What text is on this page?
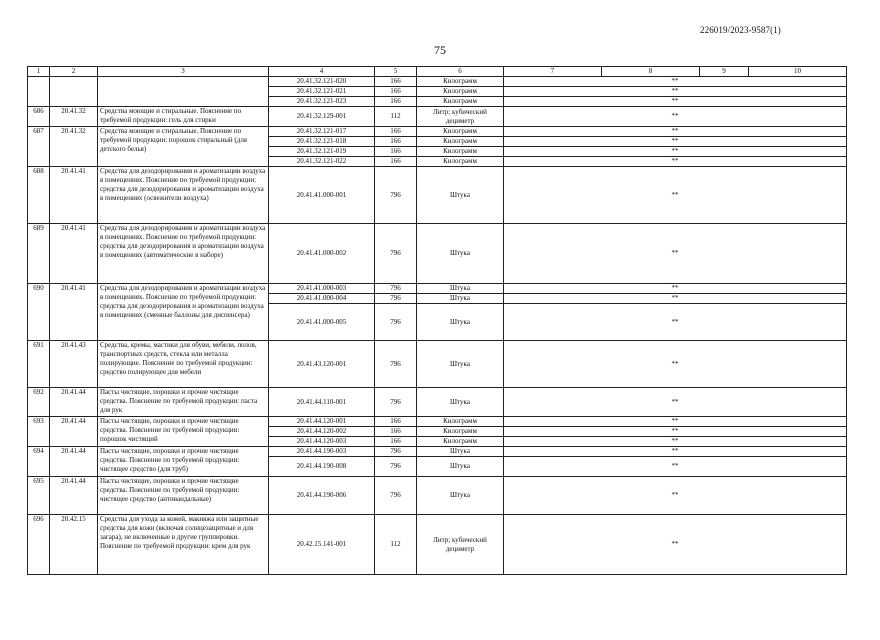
226019/2023-9587(1)
75
1	2	3	4	5	6	7	8	9	10
			20.41.32.121-020	166	Килограмм	**			
			20.41.32.121-021	166	Килограмм	**			
			20.41.32.121-023	166	Килограмм	**			
686	20.41.32	Средства моющие и стиральные. Пояснение по требуемой продукции: гель для стирки	20.41.32.129-001	112	Литр; кубический дециметр	**			
687	20.41.32	Средства моющие и стиральные. Пояснение по требуемой продукции: порошок стиральный (для детского белья)	20.41.32.121-017	166	Килограмм	**			
			20.41.32.121-018	166	Килограмм	**			
			20.41.32.121-019	166	Килограмм	**			
			20.41.32.121-022	166	Килограмм	**			
688	20.41.41	Средства для дезодорирования и ароматизации воздуха в помещениях. Пояснение по требуемой продукции: средства для дезодорирования и ароматизации воздуха в помещениях (освежители воздуха)	20.41.41.000-001	796	Штука	**			
689	20.41.41	Средства для дезодорирования и ароматизации воздуха в помещениях. Пояснение по требуемой продукции: средства для дезодорирования и ароматизации воздуха в помещениях (автоматические в наборе)	20.41.41.000-002	796	Штука	**			
690	20.41.41	Средства для дезодорирования и ароматизации воздуха в помещениях. Пояснение по требуемой продукции: средства для дезодорирования и ароматизации воздуха в помещениях (сменные баллоны для диспенсера)	20.41.41.000-003	796	Штука	**			
			20.41.41.000-004	796	Штука	**			
			20.41.41.000-005	796	Штука	**			
691	20.41.43	Средства, кремы, мастики для обуви, мебели, полов, транспортных средств, стекла или металла полирующие. Пояснение по требуемой продукции: средство полирующее для мебели	20.41.43.120-001	796	Штука	**			
692	20.41.44	Пасты чистящие, порошки и прочие чистящие средства. Пояснение по требуемой продукции: паста для рук	20.41.44.110-001	796	Штука	**			
693	20.41.44	Пасты чистящие, порошки и прочие чистящие средства. Пояснение по требуемой продукции: порошок чистящий	20.41.44.120-001	166	Килограмм	**			
			20.41.44.120-002	166	Килограмм	**			
			20.41.44.120-003	166	Килограмм	**			
694	20.41.44	Пасты чистящие, порошки и прочие чистящие средства. Пояснение по требуемой продукции: чистящее средство (для труб)	20.41.44.190-003	796	Штука	**			
			20.41.44.190-008	796	Штука	**			
695	20.41.44	Пасты чистящие, порошки и прочие чистящие средства. Пояснение по требуемой продукции: чистящее средство (антивандальные)	20.41.44.190-006	796	Штука	**			
696	20.42.15	Средства для ухода за кожей, макияжа или защитные средства для кожи (включая солнцезащитные и для загара), не включенные в другие группировки. Пояснение по требуемой продукции: крем для рук	20.42.15.141-001	112	Литр; кубический дециметр	**			
